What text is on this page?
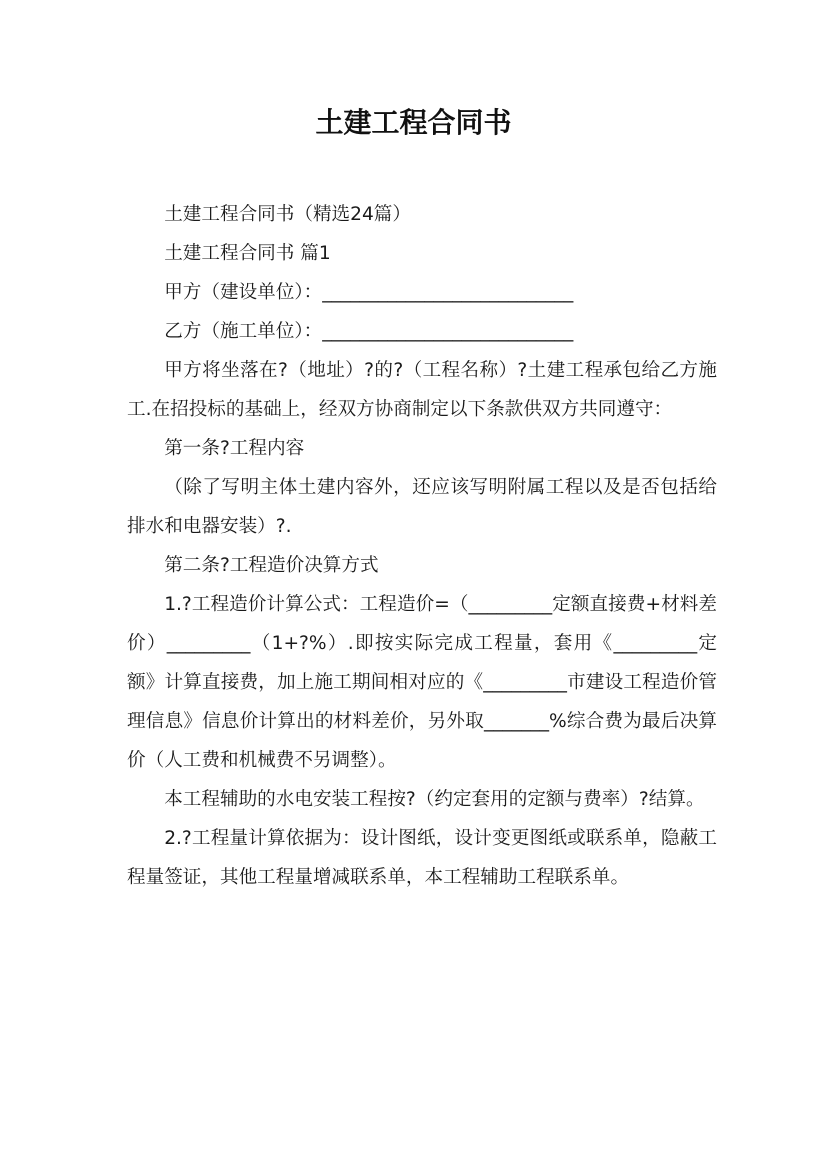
土建工程合同书

土建工程合同书（精选24篇）

土建工程合同书 篇1

甲方（建设单位）：___________________________

乙方（施工单位）：___________________________

甲方将坐落在?（地址）?的?（工程名称）?土建工程承包给乙方施工.在招投标的基础上，经双方协商制定以下条款供双方共同遵守：

第一条?工程内容

（除了写明主体土建内容外，还应该写明附属工程以及是否包括给排水和电器安装）?.

第二条?工程造价决算方式

1.?工程造价计算公式：工程造价=（_________定额直接费+材料差价）_________（1+?%）.即按实际完成工程量，套用《_________定额》计算直接费，加上施工期间相对应的《_________市建设工程造价管理信息》信息价计算出的材料差价，另外取_______%综合费为最后决算价（人工费和机械费不另调整）。

本工程辅助的水电安装工程按?（约定套用的定额与费率）?结算。

2.?工程量计算依据为：设计图纸，设计变更图纸或联系单，隐蔽工程量签证，其他工程量增减联系单，本工程辅助工程联系单。
